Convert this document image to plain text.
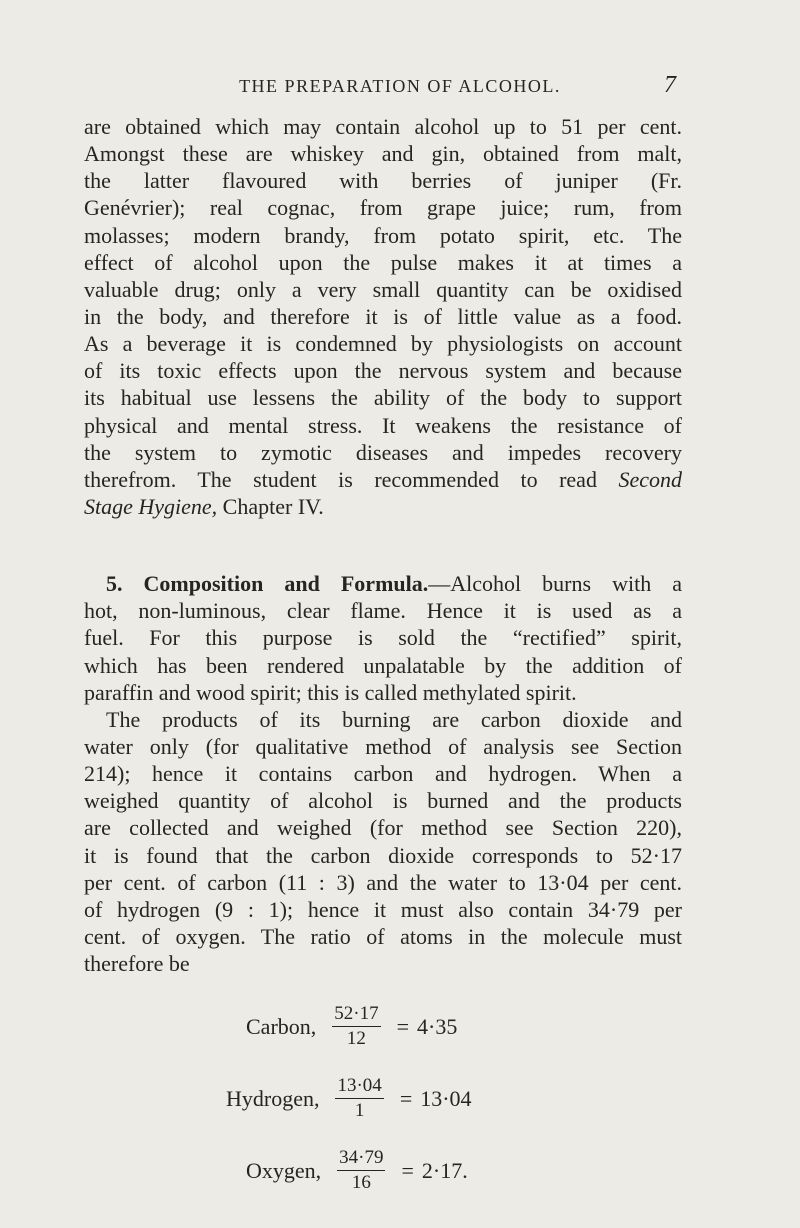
THE PREPARATION OF ALCOHOL.	7
are obtained which may contain alcohol up to 51 per cent.
Amongst these are whiskey and gin, obtained from malt,
the latter flavoured with berries of juniper (Fr.
Genévrier); real cognac, from grape juice; rum, from
molasses; modern brandy, from potato spirit, etc. The
effect of alcohol upon the pulse makes it at times a
valuable drug; only a very small quantity can be oxidised
in the body, and therefore it is of little value as a food.
As a beverage it is condemned by physiologists on account
of its toxic effects upon the nervous system and because
its habitual use lessens the ability of the body to support
physical and mental stress. It weakens the resistance of
the system to zymotic diseases and impedes recovery
therefrom. The student is recommended to read Second
Stage Hygiene, Chapter IV.
5. Composition and Formula.—Alcohol burns with a
hot, non-luminous, clear flame. Hence it is used as a
fuel. For this purpose is sold the “rectified” spirit,
which has been rendered unpalatable by the addition of
paraffin and wood spirit; this is called methylated spirit.
The products of its burning are carbon dioxide and
water only (for qualitative method of analysis see Section
214); hence it contains carbon and hydrogen. When a
weighed quantity of alcohol is burned and the products
are collected and weighed (for method see Section 220),
it is found that the carbon dioxide corresponds to 52·17
per cent. of carbon (11 : 3) and the water to 13·04 per cent.
of hydrogen (9 : 1); hence it must also contain 34·79 per
cent. of oxygen. The ratio of atoms in the molecule must
therefore be
Carbon, $\frac{52\cdot 17}{12} = 4\cdot 35$
Hydrogen, $\frac{13\cdot 04}{1} = 13\cdot 04$
Oxygen, $\frac{34\cdot 79}{16} = 2\cdot 17$.
